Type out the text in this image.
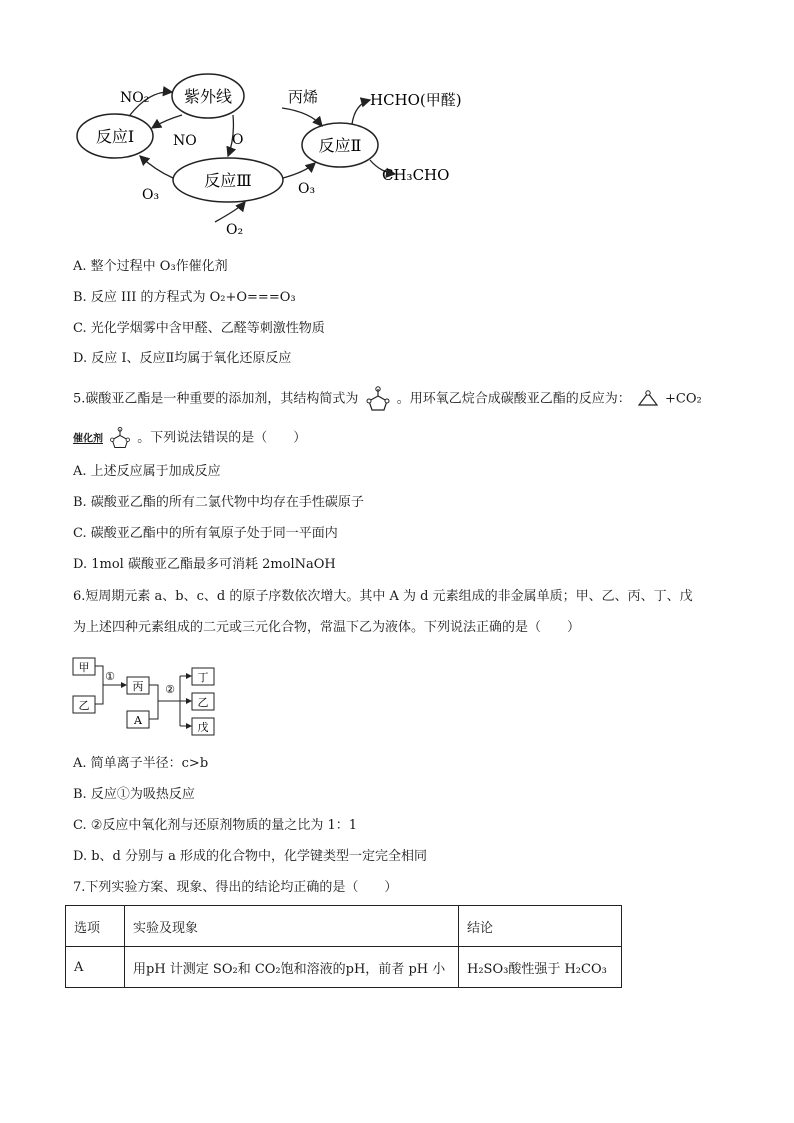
紫外线
反应Ⅰ
反应Ⅲ
反应Ⅱ
NO₂
NO	O
O₃	O₃
O₂
丙烯	HCHO(甲醛)
CH₃CHO
A. 整个过程中 O₃作催化剂
B. 反应 III 的方程式为 O₂+O===O₃
C. 光化学烟雾中含甲醛、乙醛等刺激性物质
D. 反应 I、反应Ⅱ均属于氧化还原反应
5.碳酸亚乙酯是一种重要的添加剂，其结构简式为	。用环氧乙烷合成碳酸亚乙酯的反应为：	+CO₂
催化剂	。下列说法错误的是（　　）
A. 上述反应属于加成反应
B. 碳酸亚乙酯的所有二氯代物中均存在手性碳原子
C. 碳酸亚乙酯中的所有氧原子处于同一平面内
D. 1mol 碳酸亚乙酯最多可消耗 2molNaOH
6.短周期元素 a、b、c、d 的原子序数依次增大。其中 A 为 d 元素组成的非金属单质；甲、乙、丙、丁、戊
为上述四种元素组成的二元或三元化合物，常温下乙为液体。下列说法正确的是（　　）
甲
乙
丙
A
丁
乙
戊
①
②
A. 简单离子半径：c>b
B. 反应①为吸热反应
C. ②反应中氧化剂与还原剂物质的量之比为 1：1
D. b、d 分别与 a 形成的化合物中，化学键类型一定完全相同
7.下列实验方案、现象、得出的结论均正确的是（　　）
选项	实验及现象	结论
A	用pH 计测定 SO₂和 CO₂饱和溶液的pH，前者 pH 小	H₂SO₃酸性强于 H₂CO₃
